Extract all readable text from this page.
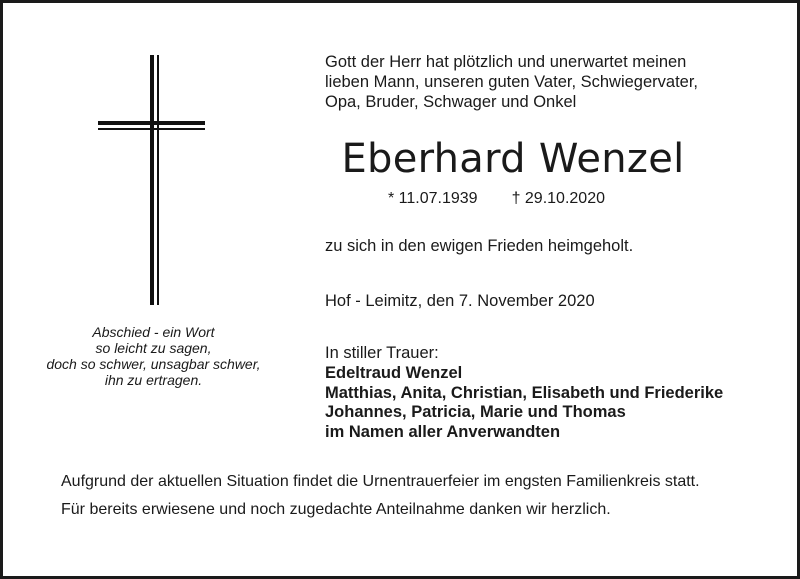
Abschied - ein Wort
so leicht zu sagen,
doch so schwer, unsagbar schwer,
ihn zu ertragen.
Gott der Herr hat plötzlich und unerwartet meinen
lieben Mann, unseren guten Vater, Schwiegervater,
Opa, Bruder, Schwager und Onkel
Eberhard Wenzel
* 11.07.1939 † 29.10.2020
zu sich in den ewigen Frieden heimgeholt.
Hof - Leimitz, den 7. November 2020
In stiller Trauer:
Edeltraud Wenzel
Matthias, Anita, Christian, Elisabeth und Friederike
Johannes, Patricia, Marie und Thomas
im Namen aller Anverwandten
Aufgrund der aktuellen Situation findet die Urnentrauerfeier im engsten Familienkreis statt.
Für bereits erwiesene und noch zugedachte Anteilnahme danken wir herzlich.
